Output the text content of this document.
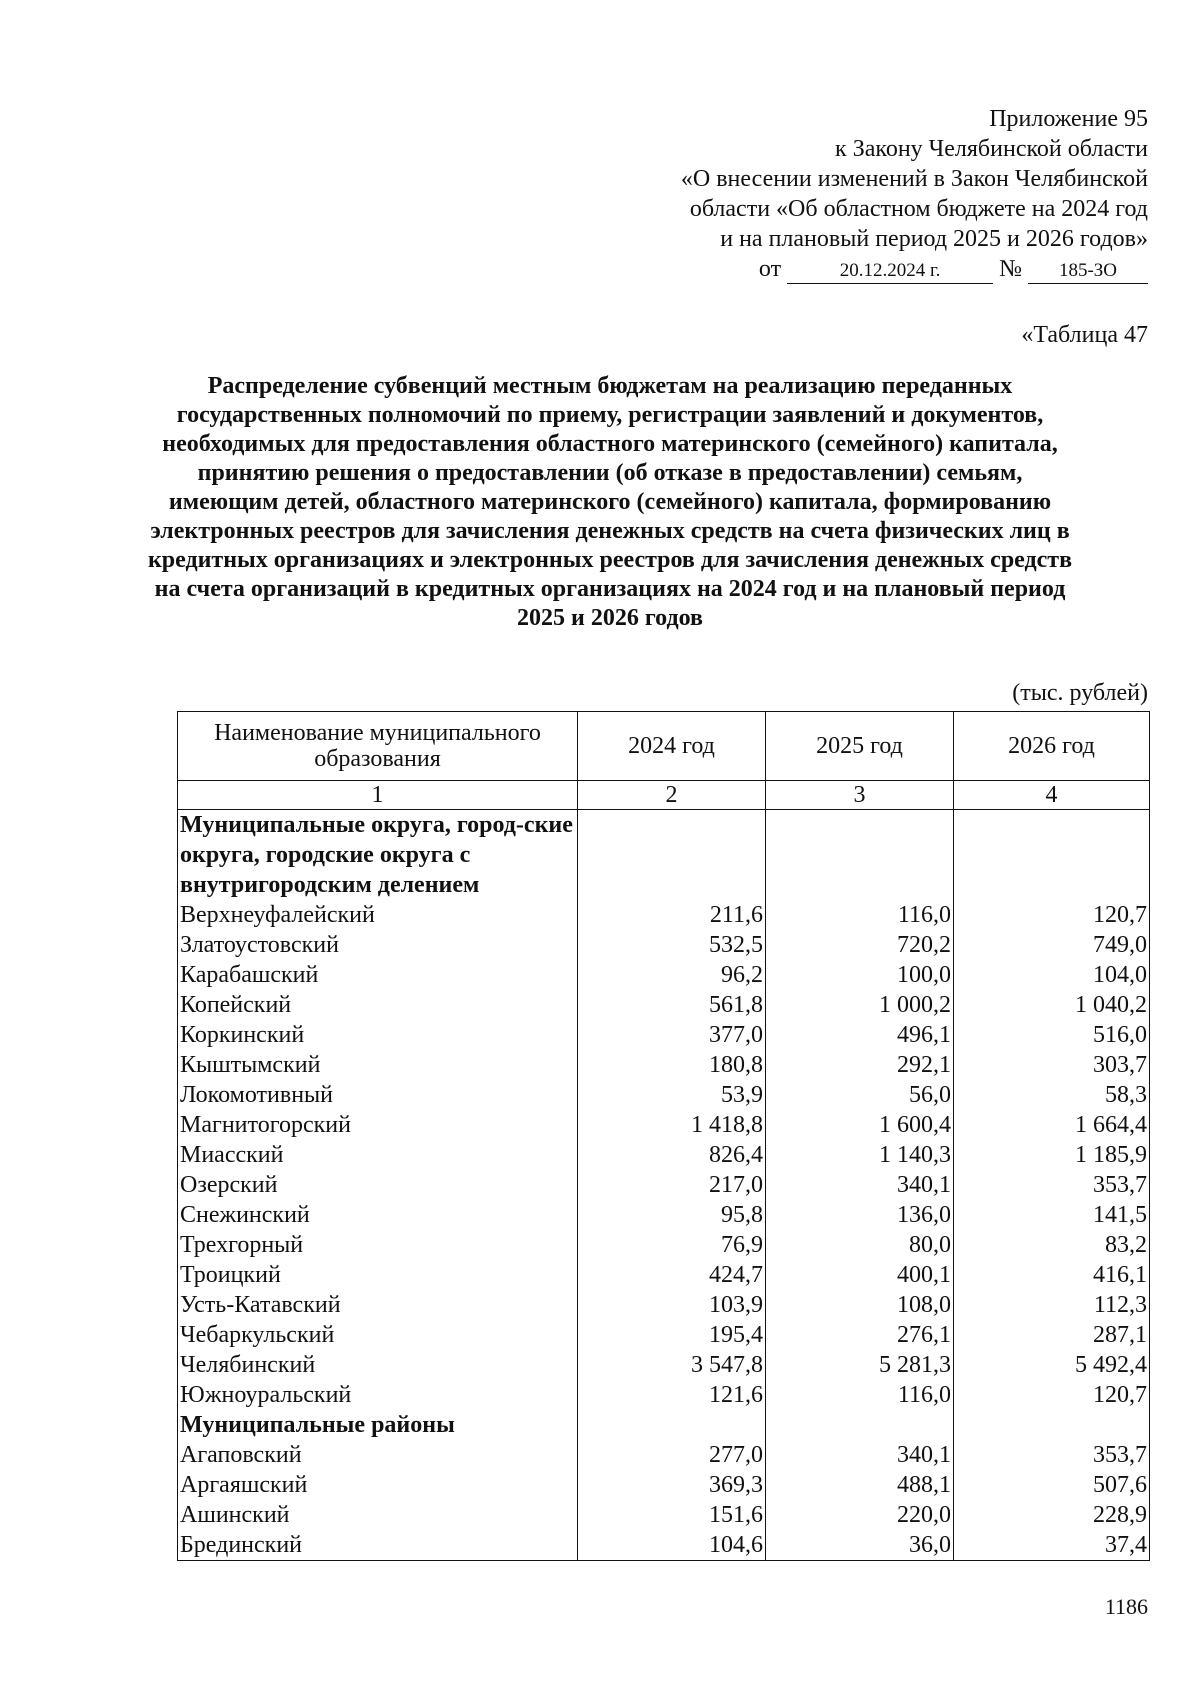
Приложение 95
к Закону Челябинской области
«О внесении изменений в Закон Челябинской
области «Об областном бюджете на 2024 год
и на плановый период 2025 и 2026 годов»
от	20.12.2024 г. № 185-ЗО
«Таблица 47
Распределение субвенций местным бюджетам на реализацию переданных государственных полномочий по приему, регистрации заявлений и документов, необходимых для предоставления областного материнского (семейного) капитала, принятию решения о предоставлении (об отказе в предоставлении) семьям, имеющим детей, областного материнского (семейного) капитала, формированию электронных реестров для зачисления денежных средств на счета физических лиц в кредитных организациях и электронных реестров для зачисления денежных средств на счета организаций в кредитных организациях на 2024 год и на плановый период 2025 и 2026 годов
(тыс. рублей)
Наименование муниципального образования	2024 год	2025 год	2026 год
1	2	3	4
Муниципальные округа, город-ские округа, городские округа с внутригородским делением			
Верхнеуфалейский	211,6	116,0	120,7
Златоустовский	532,5	720,2	749,0
Карабашский	96,2	100,0	104,0
Копейский	561,8	1 000,2	1 040,2
Коркинский	377,0	496,1	516,0
Кыштымский	180,8	292,1	303,7
Локомотивный	53,9	56,0	58,3
Магнитогорский	1 418,8	1 600,4	1 664,4
Миасский	826,4	1 140,3	1 185,9
Озерский	217,0	340,1	353,7
Снежинский	95,8	136,0	141,5
Трехгорный	76,9	80,0	83,2
Троицкий	424,7	400,1	416,1
Усть-Катавский	103,9	108,0	112,3
Чебаркульский	195,4	276,1	287,1
Челябинский	3 547,8	5 281,3	5 492,4
Южноуральский	121,6	116,0	120,7
Муниципальные районы			
Агаповский	277,0	340,1	353,7
Аргаяшский	369,3	488,1	507,6
Ашинский	151,6	220,0	228,9
Брединский	104,6	36,0	37,4
1186
